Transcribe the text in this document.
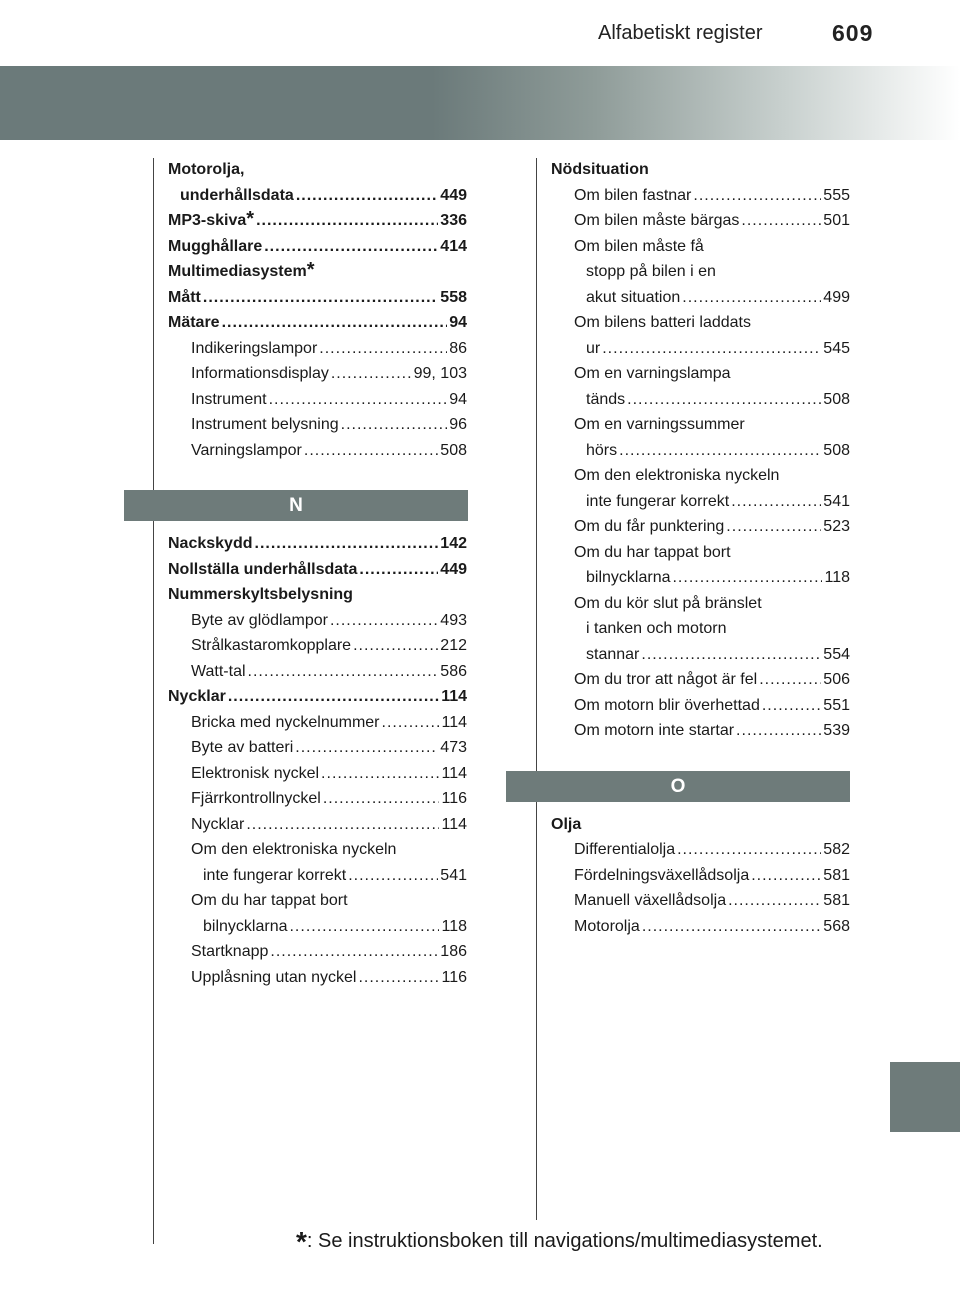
Alfabetiskt register	609
Motorolja,
underhållsdata .....	449
MP3-skiva * .....	336
Mugghållare .....	414
Multimediasystem *
Mått .....	558
Mätare .....	94
Indikeringslampor .....	86
Informationsdisplay .....	99, 103
Instrument .....	94
Instrument belysning .....	96
Varningslampor .....	508
N
Nackskydd .....	142
Nollställa underhållsdata .....	449
Nummerskyltsbelysning
Byte av glödlampor .....	493
Strålkastaromkopplare .....	212
Watt-tal .....	586
Nycklar .....	114
Bricka med nyckelnummer .....	114
Byte av batteri .....	473
Elektronisk nyckel .....	114
Fjärrkontrollnyckel .....	116
Nycklar .....	114
Om den elektroniska nyckeln
inte fungerar korrekt .....	541
Om du har tappat bort
bilnycklarna .....	118
Startknapp .....	186
Upplåsning utan nyckel .....	116
Nödsituation
Om bilen fastnar .....	555
Om bilen måste bärgas .....	501
Om bilen måste få
stopp på bilen i en
akut situation .....	499
Om bilens batteri laddats
ur .....	545
Om en varningslampa
tänds .....	508
Om en varningssummer
hörs .....	508
Om den elektroniska nyckeln
inte fungerar korrekt .....	541
Om du får punktering .....	523
Om du har tappat bort
bilnycklarna .....	118
Om du kör slut på bränslet
i tanken och motorn
stannar .....	554
Om du tror att något är fel .....	506
Om motorn blir överhettad .....	551
Om motorn inte startar .....	539
O
Olja
Differentialolja .....	582
Fördelningsväxellådsolja .....	581
Manuell växellådsolja .....	581
Motorolja .....	568
*: Se instruktionsboken till navigations/multimediasystemet.
